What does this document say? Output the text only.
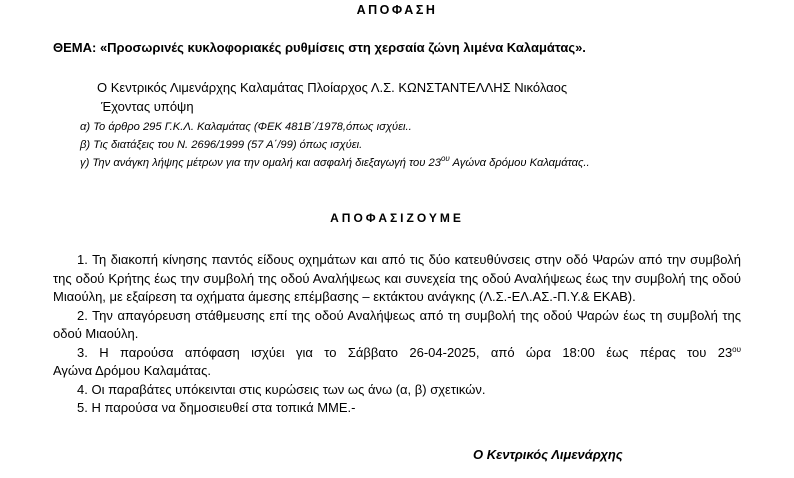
ΑΠΟΦΑΣΗ
ΘΕΜΑ: «Προσωρινές κυκλοφοριακές ρυθμίσεις στη χερσαία ζώνη λιμένα Καλαμάτας».
Ο Κεντρικός Λιμενάρχης Καλαμάτας Πλοίαρχος Λ.Σ. ΚΩΝΣΤΑΝΤΕΛΛΗΣ Νικόλαος
Έχοντας υπόψη
α) Το άρθρο 295 Γ.Κ.Λ. Καλαμάτας (ΦΕΚ 481Β΄/1978,όπως ισχύει..
β) Τις διατάξεις του Ν. 2696/1999 (57 Α΄/99) όπως ισχύει.
γ) Την ανάγκη λήψης μέτρων για την ομαλή και ασφαλή διεξαγωγή του $23^{o\upsilon}$ Αγώνα δρόμου Καλαμάτας..
ΑΠΟΦΑΣΙΖΟΥΜΕ

1. Τη διακοπή κίνησης παντός είδους οχημάτων και από τις δύο κατευθύνσεις στην οδό Ψαρών από την συμβολή της οδού Κρήτης έως την συμβολή της οδού Αναλήψεως και συνεχεία της οδού Αναλήψεως έως την συμβολή της οδού Μιαούλη, με εξαίρεση τα οχήματα άμεσης επέμβασης – εκτάκτου ανάγκης (Λ.Σ.-ΕΛ.ΑΣ.-Π.Υ.& ΕΚΑΒ).

2. Την απαγόρευση στάθμευσης επί της οδού Αναλήψεως από τη συμβολή της οδού Ψαρών έως τη συμβολή της οδού Μιαούλη.

3. Η παρούσα απόφαση ισχύει για το Σάββατο 26-04-2025, από ώρα 18:00 έως πέρας του $23^{o\upsilon}$

Αγώνα Δρόμου Καλαμάτας.

4. Οι παραβάτες υπόκεινται στις κυρώσεις των ως άνω (α, β) σχετικών.

5. Η παρούσα να δημοσιευθεί στα τοπικά ΜΜΕ.-

Ο Κεντρικός Λιμενάρχης
